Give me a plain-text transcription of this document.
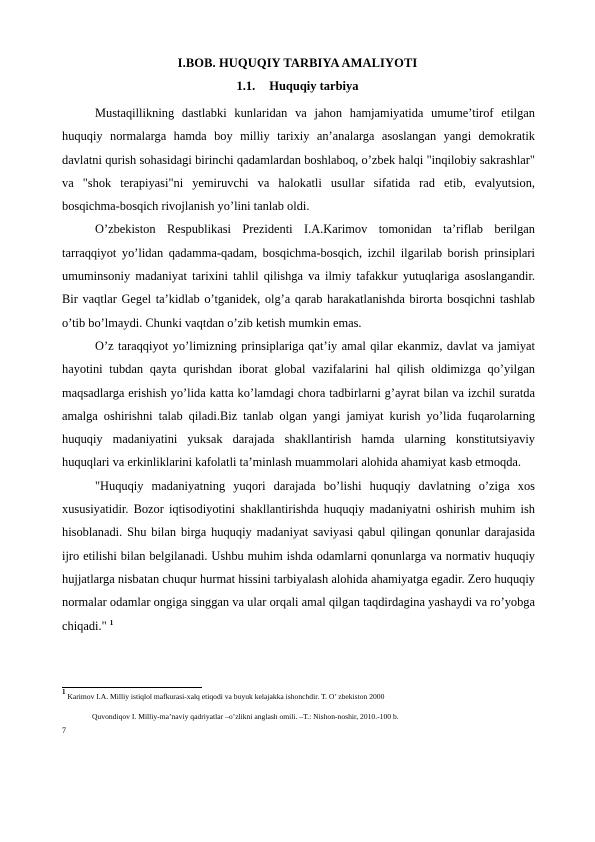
I.BOB. HUQUQIY TARBIYA AMALIYOTI
1.1. Huquqiy tarbiya

Mustaqillikning dastlabki kunlaridan va jahon hamjamiyatida umume’tirof etilgan huquqiy normalarga hamda boy milliy tarixiy an’analarga asoslangan yangi demokratik davlatni qurish sohasidagi birinchi qadamlardan boshlaboq, o’zbek halqi "inqilobiy sakrashlar" va "shok terapiyasi"ni yemiruvchi va halokatli usullar sifatida rad etib, evalyutsion, bosqichma-bosqich rivojlanish yo’lini tanlab oldi.

O’zbekiston Respublikasi Prezidenti I.A.Karimov tomonidan ta’riflab berilgan tarraqqiyot yo’lidan qadamma-qadam, bosqichma-bosqich, izchil ilgarilab borish prinsiplari umuminsoniy madaniyat tarixini tahlil qilishga va ilmiy tafakkur yutuqlariga asoslangandir. Bir vaqtlar Gegel ta’kidlab o’tganidek, olg’a qarab harakatlanishda birorta bosqichni tashlab o’tib bo’lmaydi. Chunki vaqtdan o’zib ketish mumkin emas.

O’z taraqqiyot yo’limizning prinsiplariga qat’iy amal qilar ekanmiz, davlat va jamiyat hayotini tubdan qayta qurishdan iborat global vazifalarini hal qilish oldimizga qo’yilgan maqsadlarga erishish yo’lida katta ko’lamdagi chora tadbirlarni g’ayrat bilan va izchil suratda amalga oshirishni talab qiladi.Biz tanlab olgan yangi jamiyat kurish yo’lida fuqarolarning huquqiy madaniyatini yuksak darajada shakllantirish hamda ularning konstitutsiyaviy huquqlari va erkinliklarini kafolatli ta’minlash muammolari alohida ahamiyat kasb etmoqda.

"Huquqiy madaniyatning yuqori darajada bo’lishi huquqiy davlatning o’ziga xos xususiyatidir. Bozor iqtisodiyotini shakllantirishda huquqiy madaniyatni oshirish muhim ish hisoblanadi. Shu bilan birga huquqiy madaniyat saviyasi qabul qilingan qonunlar darajasida ijro etilishi bilan belgilanadi. Ushbu muhim ishda odamlarni qonunlarga va normativ huquqiy hujjatlarga nisbatan chuqur hurmat hissini tarbiyalash alohida ahamiyatga egadir. Zero huquqiy normalar odamlar ongiga singgan va ular orqali amal qilgan taqdirdagina yashaydi va ro’yobga chiqadi." $^1$

$^1$ Karimov I.A. Milliy istiqlol mafkurasi-xalq etiqodi va buyuk kelajakka ishonchdir. T. O’ zbekiston 2000
Quvondiqov I. Milliy-ma’naviy qadriyatlar –o’zlikni anglash omili. –T.: Nishon-noshir, 2010.-100 b.
7
